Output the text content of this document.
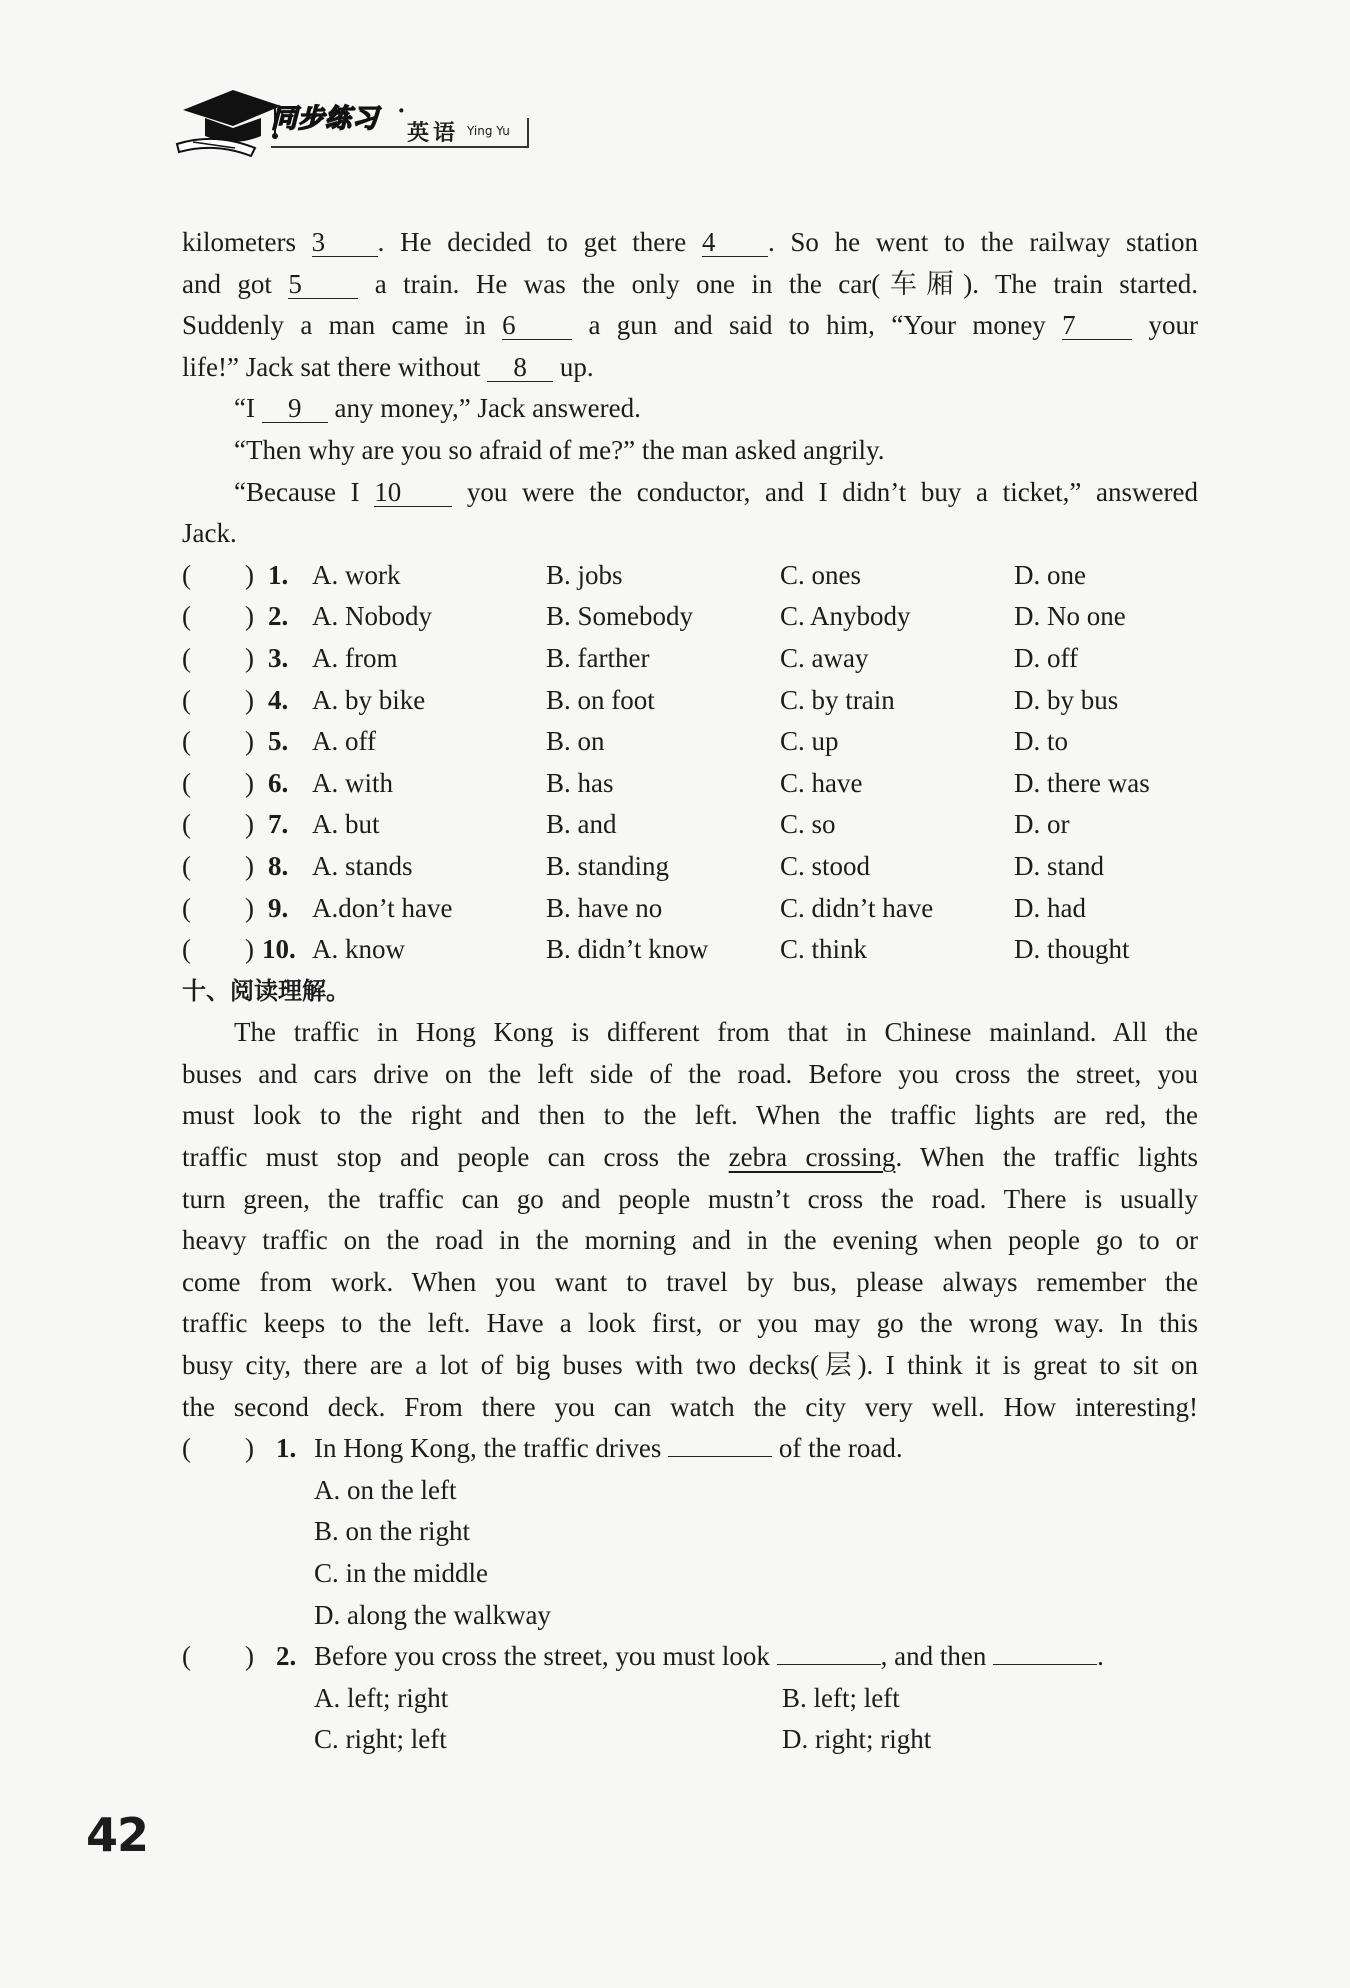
同步练习 ·
英语 Ying Yu
kilometers 3 . He decided to get there 4 . So he went to the railway station
and got 5 a train. He was the only one in the car(车厢). The train started.
Suddenly a man came in 6 a gun and said to him, “Your money 7 your
life!” Jack sat there without 8 up.
“I 9 any money,” Jack answered.
“Then why are you so afraid of me?” the man asked angrily.
“Because I 10 you were the conductor, and I didn’t buy a ticket,” answered
Jack.
(　　) 1. A. work	B. jobs	C. ones	D. one
(　　) 2. A. Nobody	B. Somebody	C. Anybody	D. No one
(　　) 3. A. from	B. farther	C. away	D. off
(　　) 4. A. by bike	B. on foot	C. by train	D. by bus
(　　) 5. A. off	B. on	C. up	D. to
(　　) 6. A. with	B. has	C. have	D. there was
(　　) 7. A. but	B. and	C. so	D. or
(　　) 8. A. stands	B. standing	C. stood	D. stand
(　　) 9. A.don’t have	B. have no	C. didn’t have	D. had
(　　) 10. A. know	B. didn’t know	C. think	D. thought
十、阅读理解。
The traffic in Hong Kong is different from that in Chinese mainland. All the
buses and cars drive on the left side of the road. Before you cross the street, you
must look to the right and then to the left. When the traffic lights are red, the
traffic must stop and people can cross the zebra crossing. When the traffic lights
turn green, the traffic can go and people mustn’t cross the road. There is usually
heavy traffic on the road in the morning and in the evening when people go to or
come from work. When you want to travel by bus, please always remember the
traffic keeps to the left. Have a look first, or you may go the wrong way. In this
busy city, there are a lot of big buses with two decks(层). I think it is great to sit on
the second deck. From there you can watch the city very well. How interesting!
(　　) 1. In Hong Kong, the traffic drives	of the road.
A. on the left
B. on the right
C. in the middle
D. along the walkway
(　　) 2. Before you cross the street, you must look	, and then	.
A. left; right	B. left; left
C. right; left	D. right; right
42
